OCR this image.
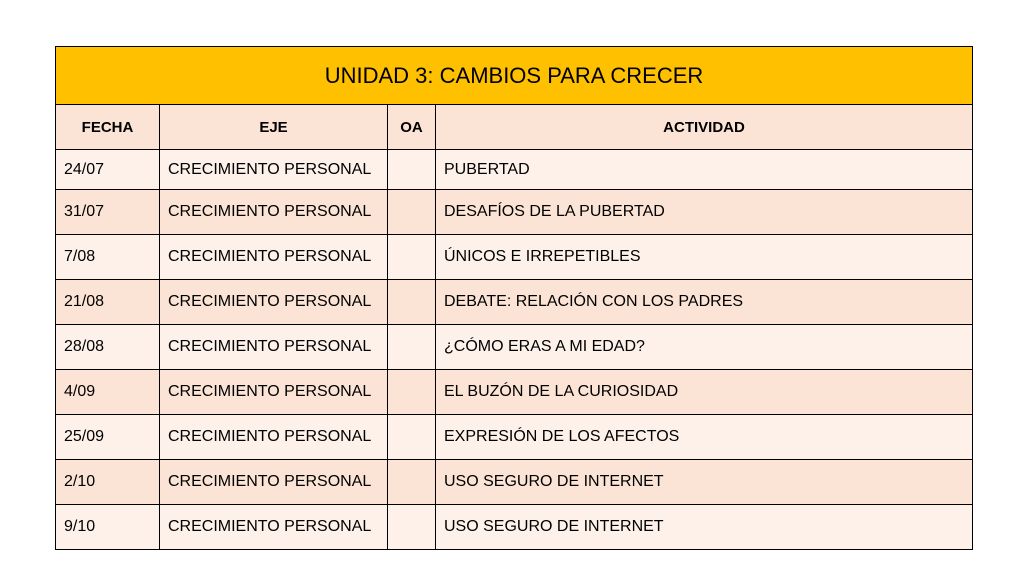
UNIDAD 3: CAMBIOS PARA CRECER			
FECHA	EJE	OA	ACTIVIDAD
24/07	CRECIMIENTO PERSONAL		PUBERTAD
31/07	CRECIMIENTO PERSONAL		DESAFÍOS DE LA PUBERTAD
7/08	CRECIMIENTO PERSONAL		ÚNICOS E IRREPETIBLES
21/08	CRECIMIENTO PERSONAL		DEBATE: RELACIÓN CON LOS PADRES
28/08	CRECIMIENTO PERSONAL		¿CÓMO ERAS A MI EDAD?
4/09	CRECIMIENTO PERSONAL		EL BUZÓN DE LA CURIOSIDAD
25/09	CRECIMIENTO PERSONAL		EXPRESIÓN DE LOS AFECTOS
2/10	CRECIMIENTO PERSONAL		USO SEGURO DE INTERNET
9/10	CRECIMIENTO PERSONAL		USO SEGURO DE INTERNET
